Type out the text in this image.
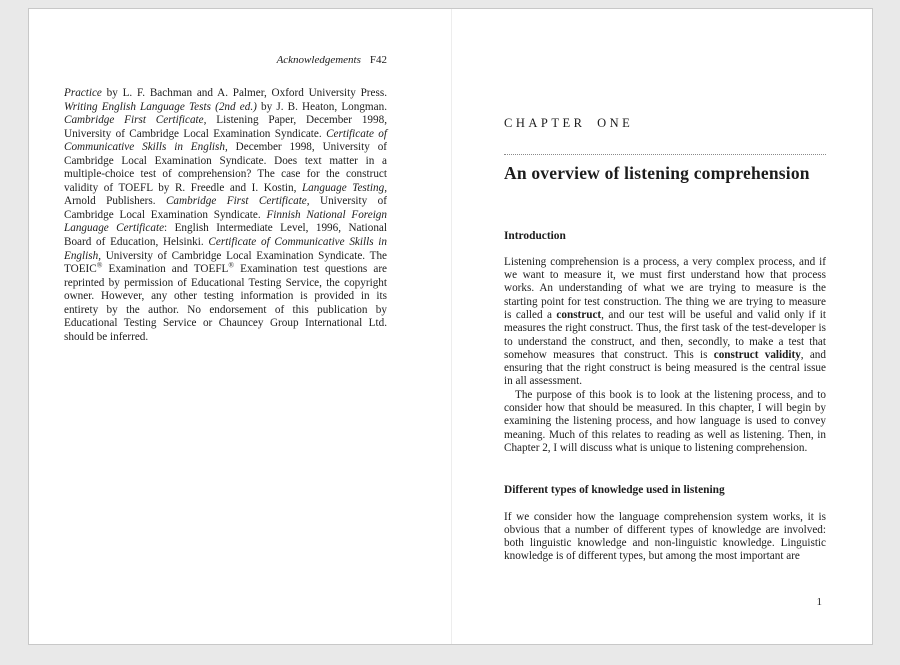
Acknowledgements F42

Practice by L. F. Bachman and A. Palmer, Oxford University Press. Writing English Language Tests (2nd ed.) by J. B. Heaton, Longman. Cambridge First Certificate, Listening Paper, December 1998, University of Cambridge Local Examination Syndicate. Certificate of Communicative Skills in English, December 1998, University of Cambridge Local Examination Syndicate. Does text matter in a multiple-choice test of comprehension? The case for the construct validity of TOEFL by R. Freedle and I. Kostin, Language Testing, Arnold Publishers. Cambridge First Certificate, University of Cambridge Local Examination Syndicate. Finnish National Foreign Language Certificate: English Intermediate Level, 1996, National Board of Education, Helsinki. Certificate of Communicative Skills in English, University of Cambridge Local Examination Syndicate. The TOEIC® Examination and TOEFL® Examination test questions are reprinted by permission of Educational Testing Service, the copyright owner. However, any other testing information is provided in its entirety by the author. No endorsement of this publication by Educational Testing Service or Chauncey Group International Ltd. should be inferred.

CHAPTER ONE
An overview of listening comprehension
Introduction

Listening comprehension is a process, a very complex process, and if we want to measure it, we must first understand how that process works. An understanding of what we are trying to measure is the starting point for test construction. The thing we are trying to measure is called a construct, and our test will be useful and valid only if it measures the right construct. Thus, the first task of the test-developer is to understand the construct, and then, secondly, to make a test that somehow measures that construct. This is construct validity, and ensuring that the right construct is being measured is the central issue in all assessment.

The purpose of this book is to look at the listening process, and to consider how that should be measured. In this chapter, I will begin by examining the listening process, and how language is used to convey meaning. Much of this relates to reading as well as listening. Then, in Chapter 2, I will discuss what is unique to listening comprehension.

Different types of knowledge used in listening

If we consider how the language comprehension system works, it is obvious that a number of different types of knowledge are involved: both linguistic knowledge and non-linguistic knowledge. Linguistic knowledge is of different types, but among the most important are

1
